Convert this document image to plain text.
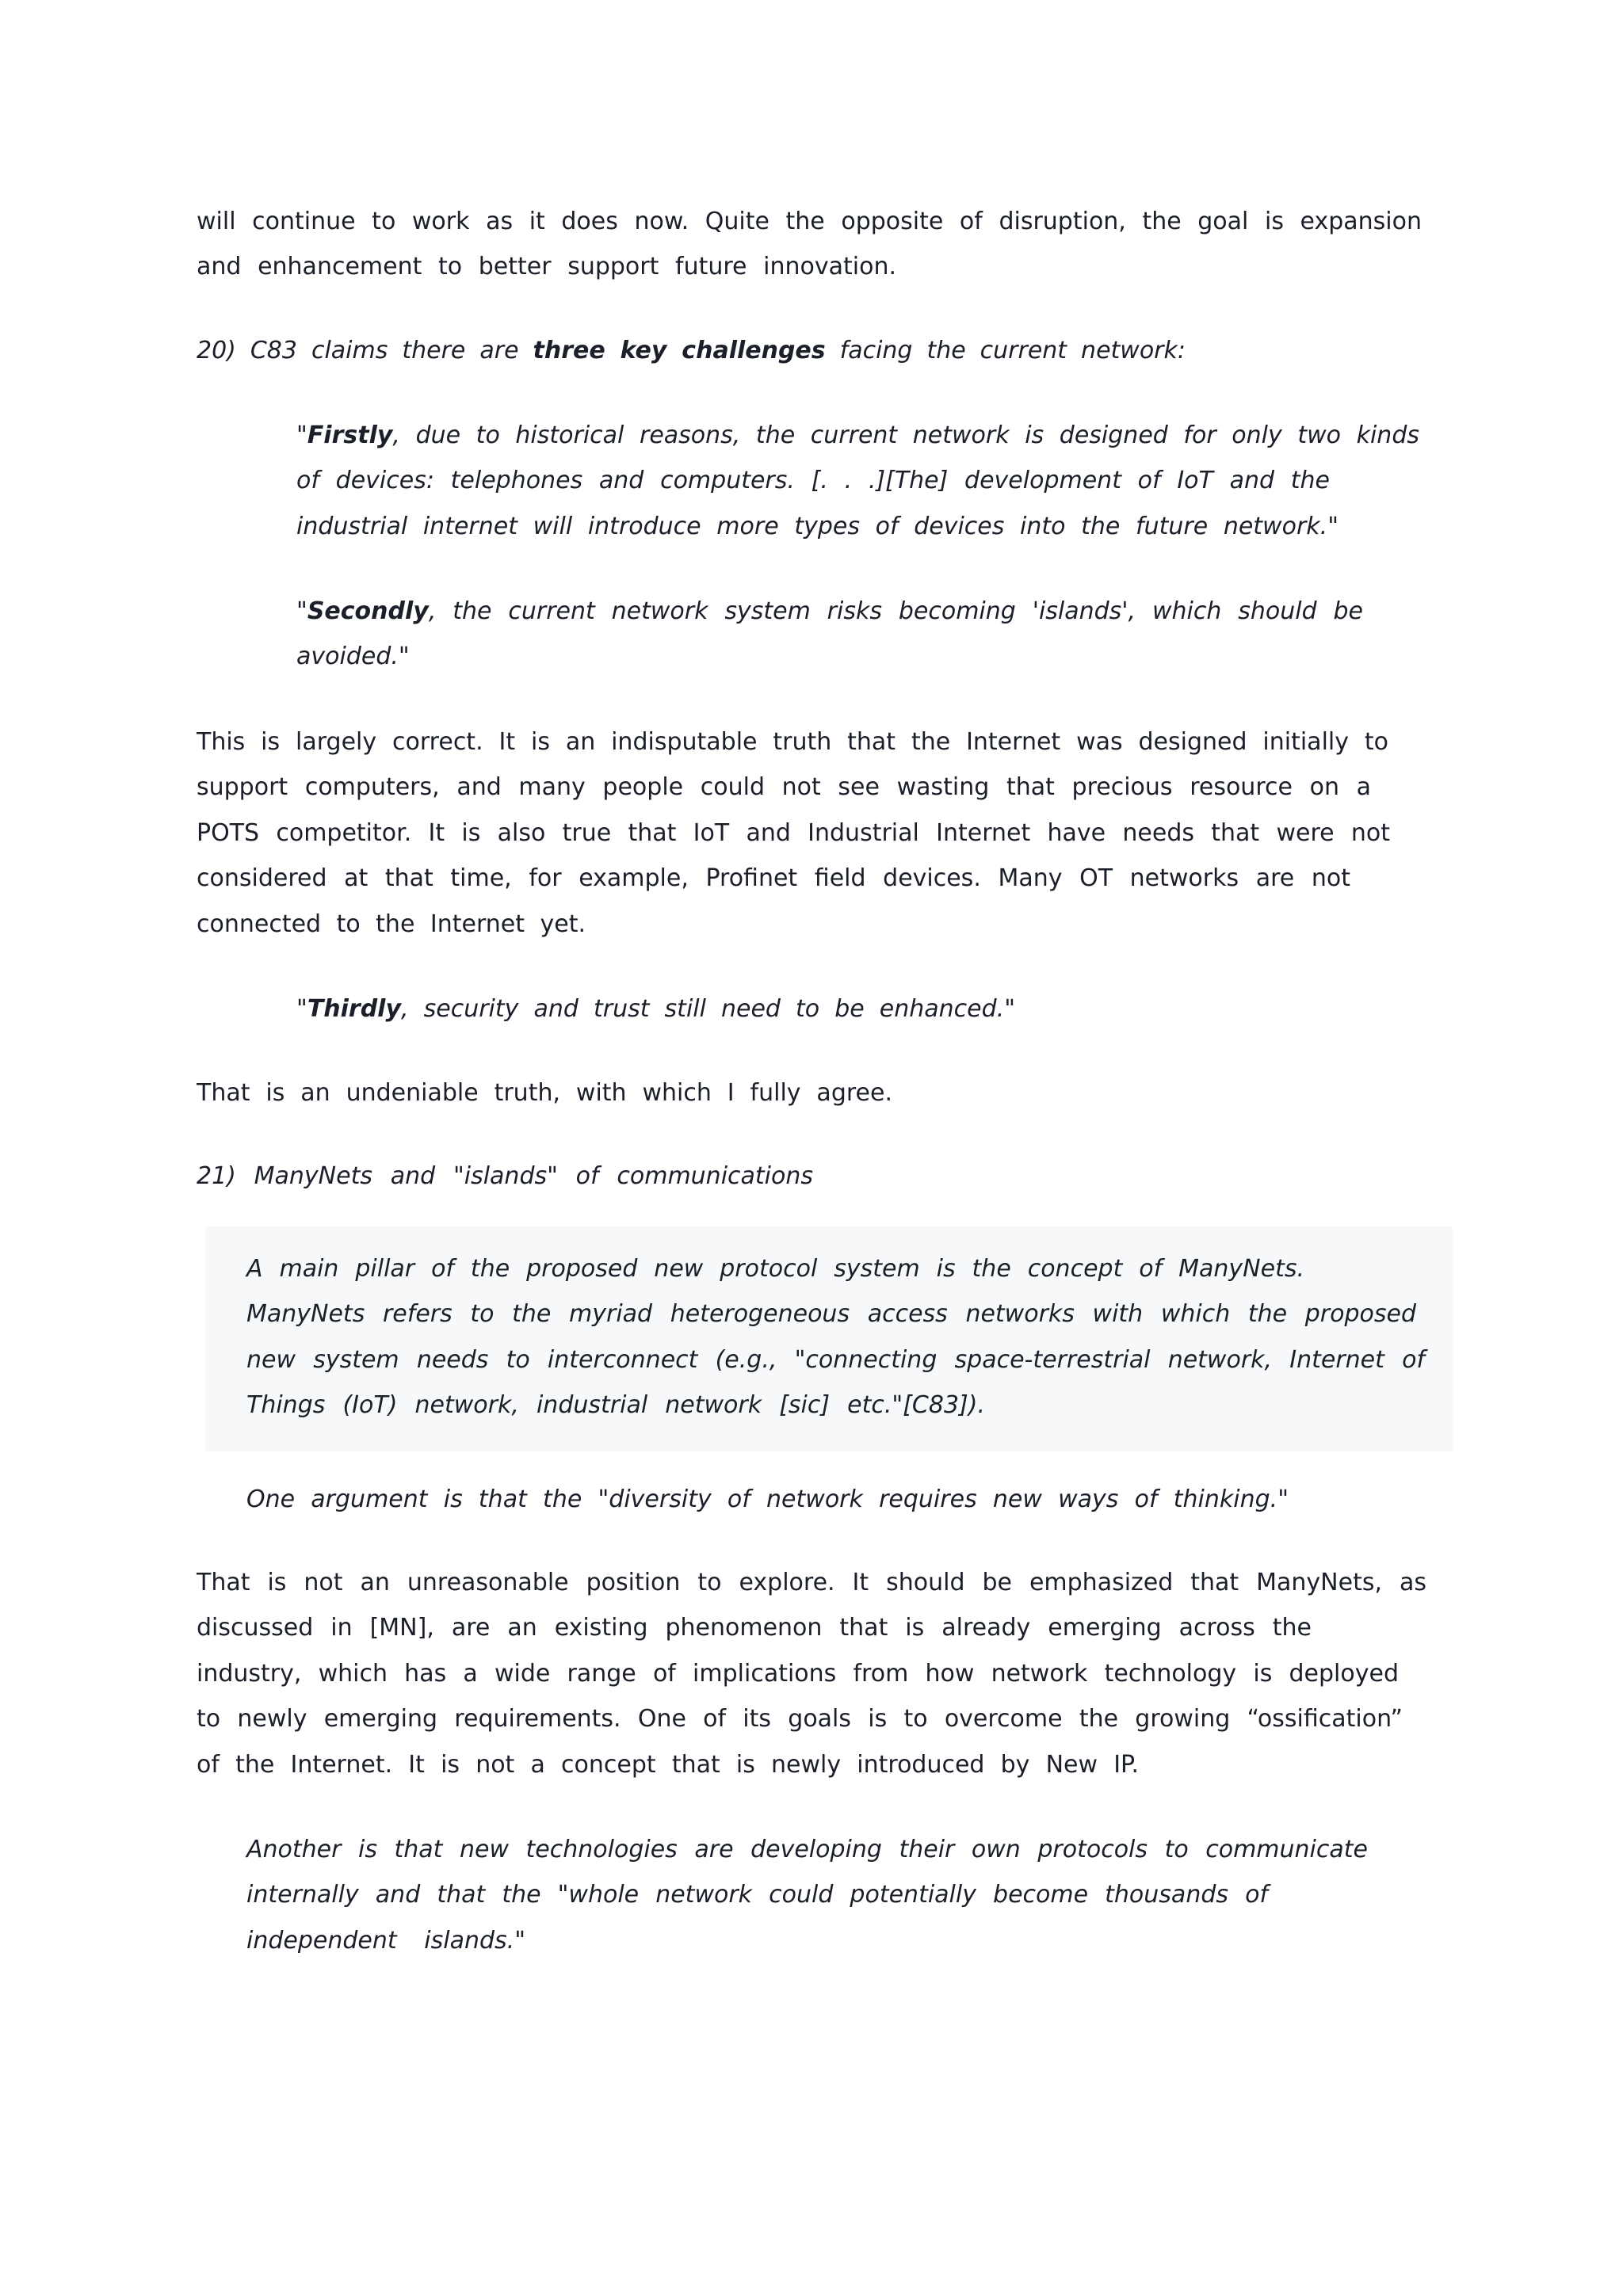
will continue to work as it does now. Quite the opposite of disruption, the goal is expansion
and enhancement to better support future innovation.
20) C83 claims there are three key challenges facing the current network:
"Firstly, due to historical reasons, the current network is designed for only two kinds
of devices: telephones and computers. [. . .][The] development of IoT and the
industrial internet will introduce more types of devices into the future network."
"Secondly, the current network system risks becoming 'islands', which should be
avoided."
This is largely correct. It is an indisputable truth that the Internet was designed initially to
support computers, and many people could not see wasting that precious resource on a
POTS competitor. It is also true that IoT and Industrial Internet have needs that were not
considered at that time, for example, Profinet field devices. Many OT networks are not
connected to the Internet yet.
"Thirdly, security and trust still need to be enhanced."
That is an undeniable truth, with which I fully agree.
21) ManyNets and "islands" of communications
A main pillar of the proposed new protocol system is the concept of ManyNets.
ManyNets refers to the myriad heterogeneous access networks with which the proposed
new system needs to interconnect (e.g., "connecting space-terrestrial network, Internet of
Things (IoT) network, industrial network [sic] etc."[C83]).
One argument is that the "diversity of network requires new ways of thinking."
That is not an unreasonable position to explore. It should be emphasized that ManyNets, as
discussed in [MN], are an existing phenomenon that is already emerging across the
industry, which has a wide range of implications from how network technology is deployed
to newly emerging requirements. One of its goals is to overcome the growing “ossification”
of the Internet. It is not a concept that is newly introduced by New IP.
Another is that new technologies are developing their own protocols to communicate
internally and that the "whole network could potentially become thousands of
independent islands."
